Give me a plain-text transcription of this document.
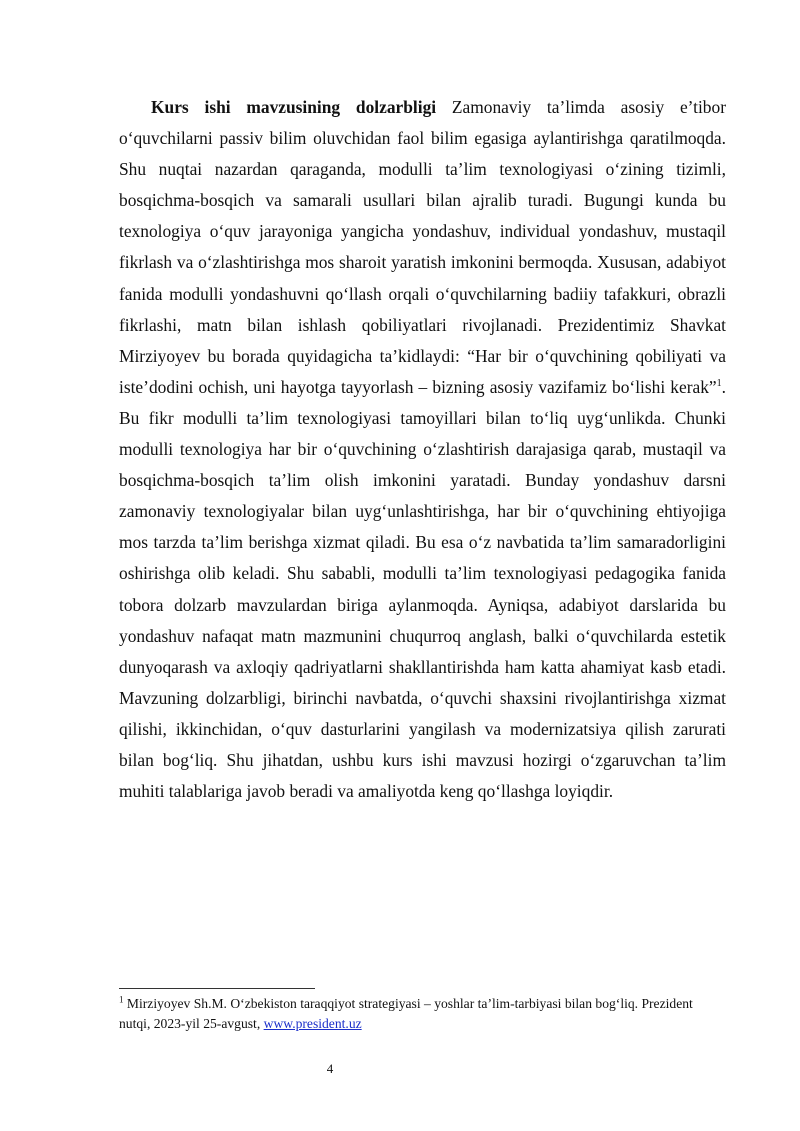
Kurs ishi mavzusining dolzarbligi Zamonaviy ta’limda asosiy e’tibor o‘quvchilarni passiv bilim oluvchidan faol bilim egasiga aylantirishga qaratilmoqda. Shu nuqtai nazardan qaraganda, modulli ta’lim texnologiyasi o‘zining tizimli, bosqichma-bosqich va samarali usullari bilan ajralib turadi. Bugungi kunda bu texnologiya o‘quv jarayoniga yangicha yondashuv, individual yondashuv, mustaqil fikrlash va o‘zlashtirishga mos sharoit yaratish imkonini bermoqda. Xususan, adabiyot fanida modulli yondashuvni qo‘llash orqali o‘quvchilarning badiiy tafakkuri, obrazli fikrlashi, matn bilan ishlash qobiliyatlari rivojlanadi. Prezidentimiz Shavkat Mirziyoyev bu borada quyidagicha ta’kidlaydi: “Har bir o‘quvchining qobiliyati va iste’dodini ochish, uni hayotga tayyorlash – bizning asosiy vazifamiz bo‘lishi kerak”$^1$. Bu fikr modulli ta’lim texnologiyasi tamoyillari bilan to‘liq uyg‘unlikda. Chunki modulli texnologiya har bir o‘quvchining o‘zlashtirish darajasiga qarab, mustaqil va bosqichma-bosqich ta’lim olish imkonini yaratadi. Bunday yondashuv darsni zamonaviy texnologiyalar bilan uyg‘unlashtirishga, har bir o‘quvchining ehtiyojiga mos tarzda ta’lim berishga xizmat qiladi. Bu esa o‘z navbatida ta’lim samaradorligini oshirishga olib keladi. Shu sababli, modulli ta’lim texnologiyasi pedagogika fanida tobora dolzarb mavzulardan biriga aylanmoqda. Ayniqsa, adabiyot darslarida bu yondashuv nafaqat matn mazmunini chuqurroq anglash, balki o‘quvchilarda estetik dunyoqarash va axloqiy qadriyatlarni shakllantirishda ham katta ahamiyat kasb etadi. Mavzuning dolzarbligi, birinchi navbatda, o‘quvchi shaxsini rivojlantirishga xizmat qilishi, ikkinchidan, o‘quv dasturlarini yangilash va modernizatsiya qilish zarurati bilan bog‘liq. Shu jihatdan, ushbu kurs ishi mavzusi hozirgi o‘zgaruvchan ta’lim muhiti talablariga javob beradi va amaliyotda keng qo‘llashga loyiqdir.

$^1$ Mirziyoyev Sh.M. O‘zbekiston taraqqiyot strategiyasi – yoshlar ta’lim-tarbiyasi bilan bog‘liq. Prezident nutqi, 2023-yil 25-avgust, www.president.uz

4
